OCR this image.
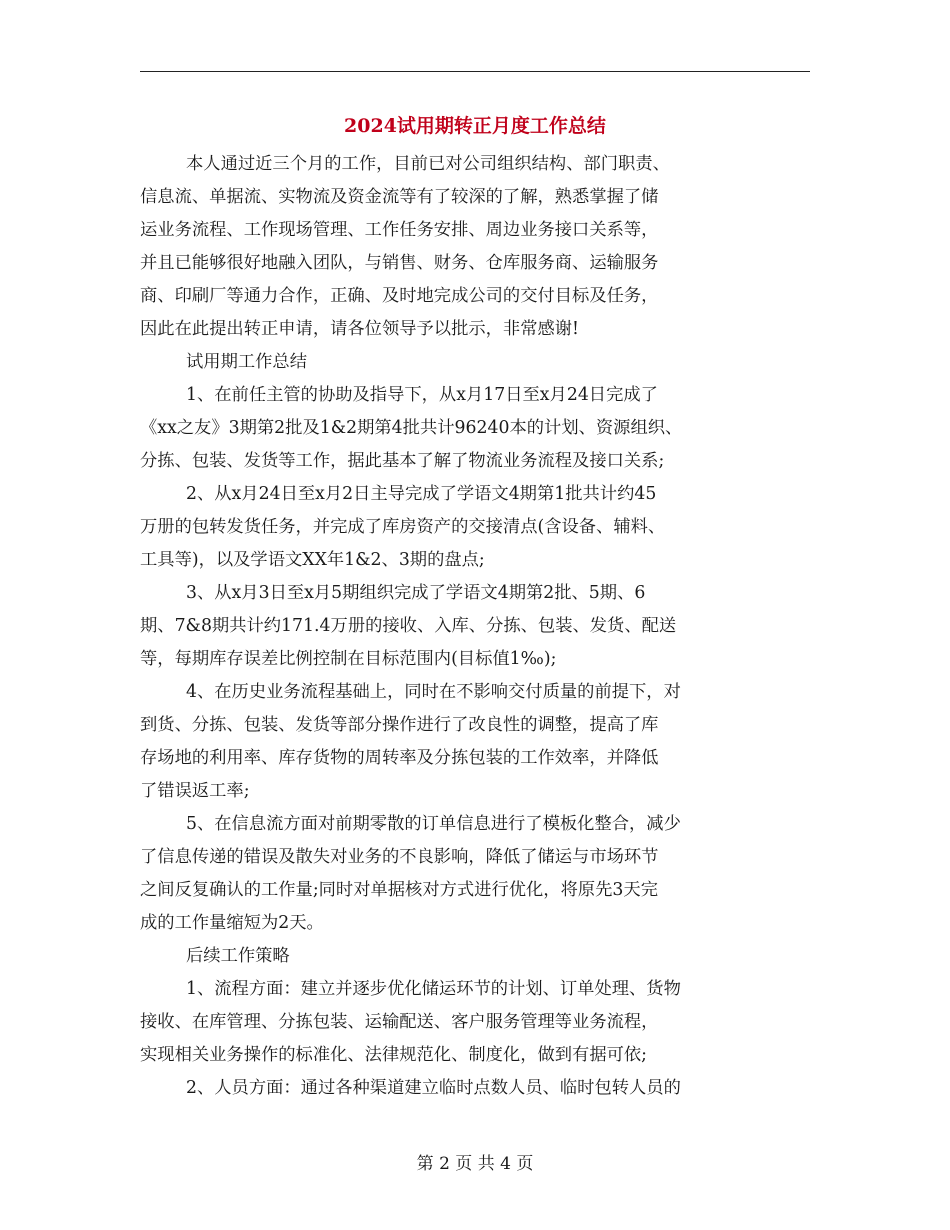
2024试用期转正月度工作总结
本人通过近三个月的工作，目前已对公司组织结构、部门职责、
信息流、单据流、实物流及资金流等有了较深的了解，熟悉掌握了储
运业务流程、工作现场管理、工作任务安排、周边业务接口关系等，
并且已能够很好地融入团队，与销售、财务、仓库服务商、运输服务
商、印刷厂等通力合作，正确、及时地完成公司的交付目标及任务，
因此在此提出转正申请，请各位领导予以批示，非常感谢!
试用期工作总结
1、在前任主管的协助及指导下，从x月17日至x月24日完成了
《xx之友》3期第2批及1&2期第4批共计96240本的计划、资源组织、
分拣、包装、发货等工作，据此基本了解了物流业务流程及接口关系;
2、从x月24日至x月2日主导完成了学语文4期第1批共计约45
万册的包转发货任务，并完成了库房资产的交接清点(含设备、辅料、
工具等)，以及学语文XX年1&2、3期的盘点;
3、从x月3日至x月5期组织完成了学语文4期第2批、5期、6
期、7&8期共计约171.4万册的接收、入库、分拣、包装、发货、配送
等，每期库存误差比例控制在目标范围内(目标值1‰);
4、在历史业务流程基础上，同时在不影响交付质量的前提下，对
到货、分拣、包装、发货等部分操作进行了改良性的调整，提高了库
存场地的利用率、库存货物的周转率及分拣包装的工作效率，并降低
了错误返工率;
5、在信息流方面对前期零散的订单信息进行了模板化整合，减少
了信息传递的错误及散失对业务的不良影响，降低了储运与市场环节
之间反复确认的工作量;同时对单据核对方式进行优化，将原先3天完
成的工作量缩短为2天。
后续工作策略
1、流程方面：建立并逐步优化储运环节的计划、订单处理、货物
接收、在库管理、分拣包装、运输配送、客户服务管理等业务流程，
实现相关业务操作的标准化、法律规范化、制度化，做到有据可依;
2、人员方面：通过各种渠道建立临时点数人员、临时包转人员的
第 2 页 共 4 页
